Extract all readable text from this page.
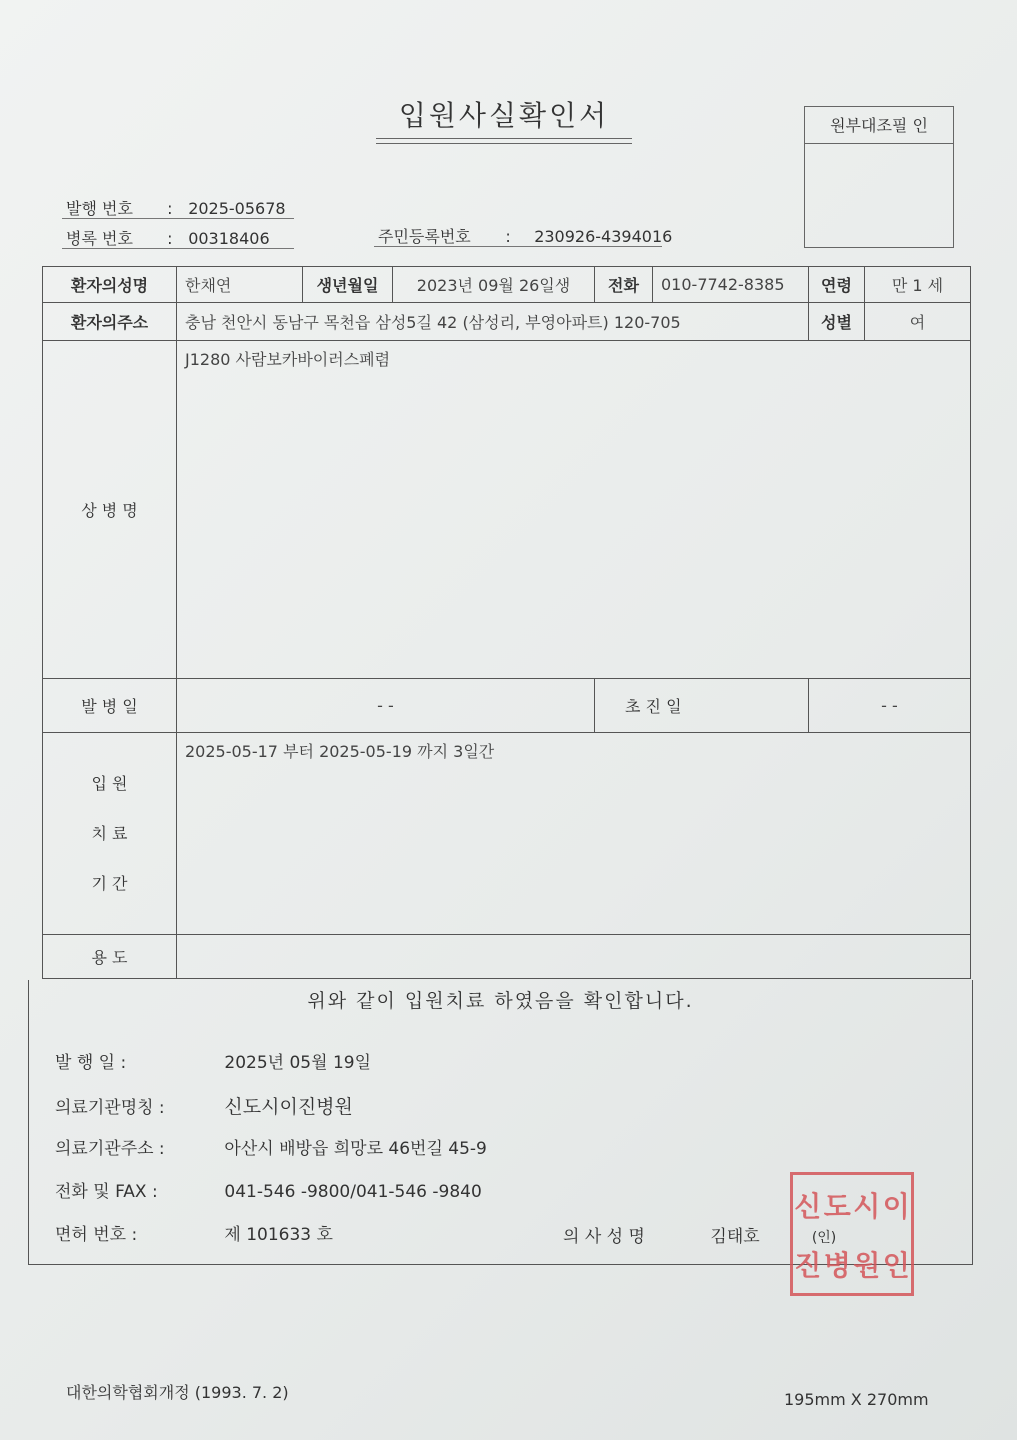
입원사실확인서	원부대조필 인
발행 번호 : 2025-05678
병록 번호 : 00318406	주민등록번호 : 230926-4394016
환자의성명	한채연	생년월일	2023년 09월 26일생	전화	010-7742-8385	연령	만 1 세
환자의주소	충남 천안시 동남구 목천읍 삼성5길 42 (삼성리, 부영아파트) 120-705					성별	여
상 병 명	J1280 사람보카바이러스폐렴						
발 병 일	- -			초 진 일		- -	

입 원
치 료
기 간	2025-05-17 부터 2025-05-19 까지 3일간						
용 도							
위와 같이 입원치료 하였음을 확인합니다.
발 행 일 :	2025년 05월 19일
의료기관명칭 :	신도시이진병원
의료기관주소 :	아산시 배방읍 희망로 46번길 45-9
전화 및 FAX :	041-546 -9800/041-546 -9840
면허 번호 :	제 101633 호	의 사 성 명	김태호	(인)
신 도 시 이
진 병 원 인
대한의학협회개정 (1993. 7. 2)	195mm X 270mm
